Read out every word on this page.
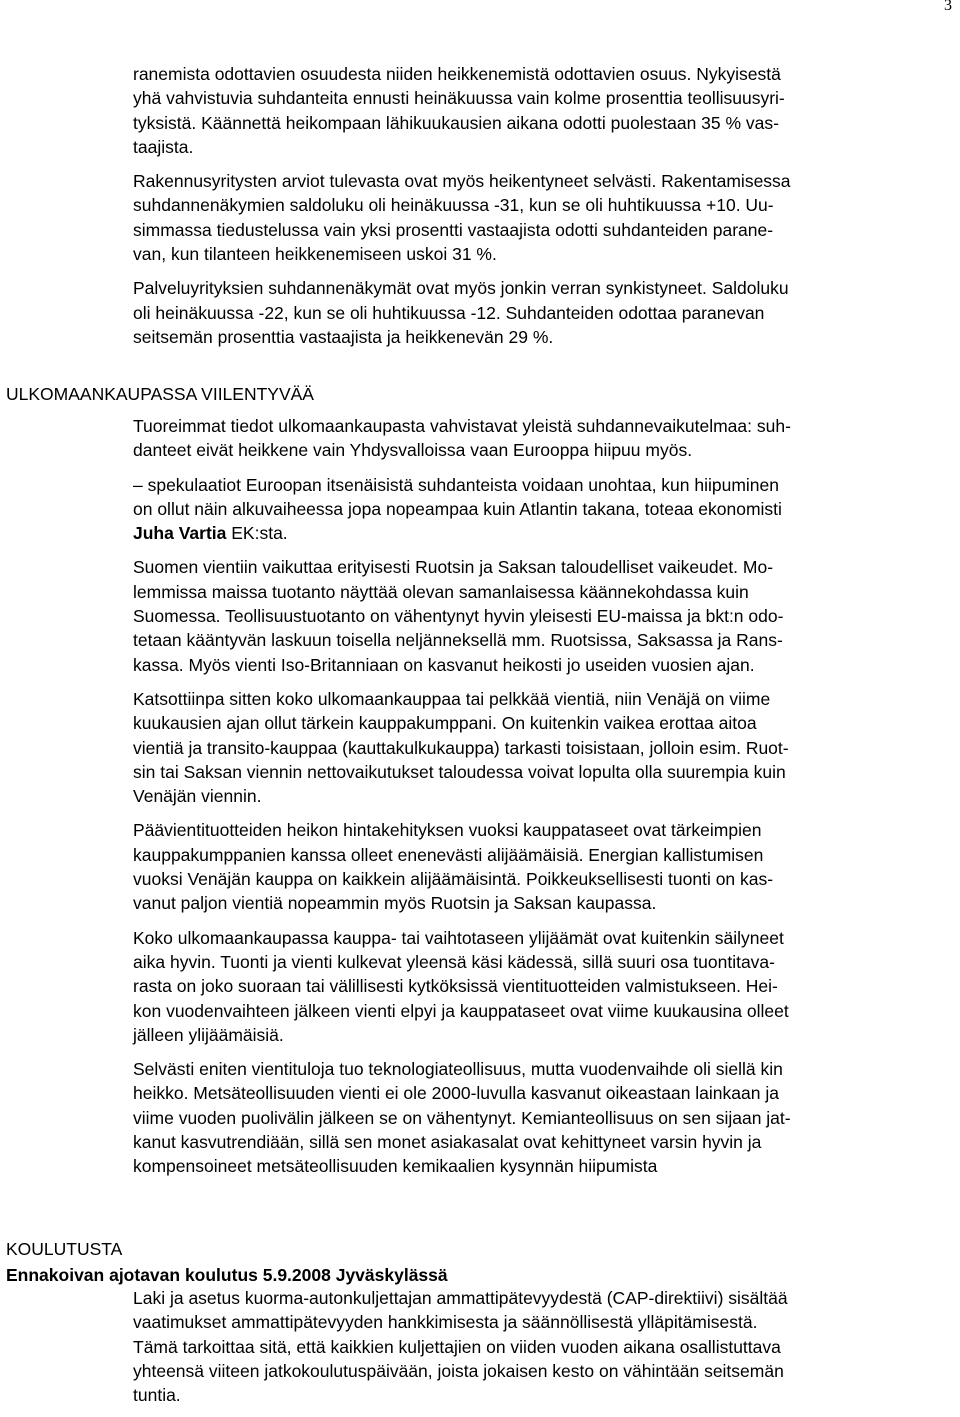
3
ranemista odottavien osuudesta niiden heikkenemistä odottavien osuus. Nykyisestä
yhä vahvistuvia suhdanteita ennusti heinäkuussa vain kolme prosenttia teollisuusyri-
tyksistä. Käännettä heikompaan lähikuukausien aikana odotti puolestaan 35 % vas-
taajista.
Rakennusyritysten arviot tulevasta ovat myös heikentyneet selvästi. Rakentamisessa
suhdannenäkymien saldoluku oli heinäkuussa -31, kun se oli huhtikuussa +10. Uu-
simmassa tiedustelussa vain yksi prosentti vastaajista odotti suhdanteiden parane-
van, kun tilanteen heikkenemiseen uskoi 31 %.
Palveluyrityksien suhdannenäkymät ovat myös jonkin verran synkistyneet. Saldoluku
oli heinäkuussa -22, kun se oli huhtikuussa -12. Suhdanteiden odottaa paranevan
seitsemän prosenttia vastaajista ja heikkenevän 29 %.
ULKOMAANKAUPASSA VIILENTYVÄÄ
Tuoreimmat tiedot ulkomaankaupasta vahvistavat yleistä suhdannevaikutelmaa: suh-
danteet eivät heikkene vain Yhdysvalloissa vaan Eurooppa hiipuu myös.
– spekulaatiot Euroopan itsenäisistä suhdanteista voidaan unohtaa, kun hiipuminen
on ollut näin alkuvaiheessa jopa nopeampaa kuin Atlantin takana, toteaa ekonomisti
Juha Vartia EK:sta.
Suomen vientiin vaikuttaa erityisesti Ruotsin ja Saksan taloudelliset vaikeudet. Mo-
lemmissa maissa tuotanto näyttää olevan samanlaisessa käännekohdassa kuin
Suomessa. Teollisuustuotanto on vähentynyt hyvin yleisesti EU-maissa ja bkt:n odo-
tetaan kääntyvän laskuun toisella neljänneksellä mm. Ruotsissa, Saksassa ja Rans-
kassa. Myös vienti Iso-Britanniaan on kasvanut heikosti jo useiden vuosien ajan.
Katsottiinpa sitten koko ulkomaankauppaa tai pelkkää vientiä, niin Venäjä on viime
kuukausien ajan ollut tärkein kauppakumppani. On kuitenkin vaikea erottaa aitoa
vientiä ja transito-kauppaa (kauttakulkukauppa) tarkasti toisistaan, jolloin esim. Ruot-
sin tai Saksan viennin nettovaikutukset taloudessa voivat lopulta olla suurempia kuin
Venäjän viennin.
Päävientituotteiden heikon hintakehityksen vuoksi kauppataseet ovat tärkeimpien
kauppakumppanien kanssa olleet enenevästi alijäämäisiä. Energian kallistumisen
vuoksi Venäjän kauppa on kaikkein alijäämäisintä. Poikkeuksellisesti tuonti on kas-
vanut paljon vientiä nopeammin myös Ruotsin ja Saksan kaupassa.
Koko ulkomaankaupassa kauppa- tai vaihtotaseen ylijäämät ovat kuitenkin säilyneet
aika hyvin. Tuonti ja vienti kulkevat yleensä käsi kädessä, sillä suuri osa tuontitava-
rasta on joko suoraan tai välillisesti kytköksissä vientituotteiden valmistukseen. Hei-
kon vuodenvaihteen jälkeen vienti elpyi ja kauppataseet ovat viime kuukausina olleet
jälleen ylijäämäisiä.
Selvästi eniten vientituloja tuo teknologiateollisuus, mutta vuodenvaihde oli siellä kin
heikko. Metsäteollisuuden vienti ei ole 2000-luvulla kasvanut oikeastaan lainkaan ja
viime vuoden puolivälin jälkeen se on vähentynyt. Kemianteollisuus on sen sijaan jat-
kanut kasvutrendiään, sillä sen monet asiakasalat ovat kehittyneet varsin hyvin ja
kompensoineet metsäteollisuuden kemikaalien kysynnän hiipumista
KOULUTUSTA
Ennakoivan ajotavan koulutus 5.9.2008 Jyväskylässä
Laki ja asetus kuorma-autonkuljettajan ammattipätevyydestä (CAP-direktiivi) sisältää
vaatimukset ammattipätevyyden hankkimisesta ja säännöllisestä ylläpitämisestä.
Tämä tarkoittaa sitä, että kaikkien kuljettajien on viiden vuoden aikana osallistuttava
yhteensä viiteen jatkokoulutuspäivään, joista jokaisen kesto on vähintään seitsemän
tuntia.
